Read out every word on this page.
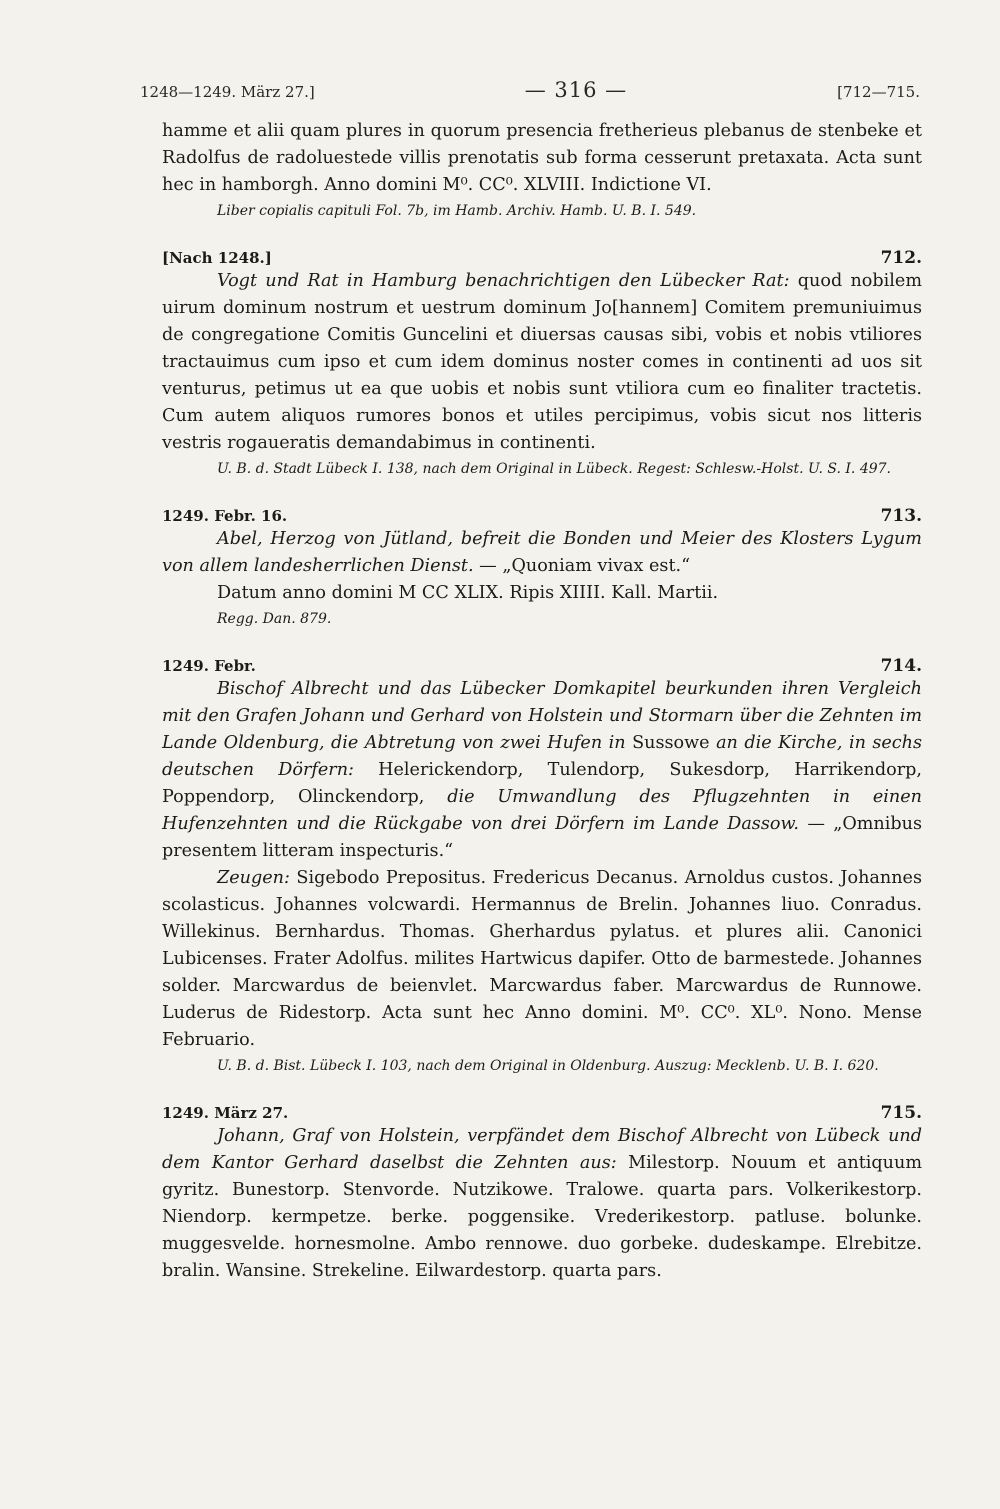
1248—1249. März 27.]	— 316 —	[712—715.

hamme et alii quam plures in quorum presencia fretherieus plebanus de stenbeke et Radolfus de radoluestede villis prenotatis sub forma cesserunt pretaxata. Acta sunt hec in hamborgh. Anno domini M⁰. CC⁰. XLVIII. Indictione VI.

Liber copialis capituli Fol. 7b, im Hamb. Archiv. Hamb. U. B. I. 549.

[Nach 1248.]	712.

Vogt und Rat in Hamburg benachrichtigen den Lübecker Rat: quod nobilem uirum dominum nostrum et uestrum dominum Jo[hannem] Comitem premuniuimus de congregatione Comitis Guncelini et diuersas causas sibi, vobis et nobis vtiliores tractauimus cum ipso et cum idem dominus noster comes in continenti ad uos sit venturus, petimus ut ea que uobis et nobis sunt vtiliora cum eo finaliter tractetis. Cum autem aliquos rumores bonos et utiles percipimus, vobis sicut nos litteris vestris rogaueratis demandabimus in continenti.

U. B. d. Stadt Lübeck I. 138, nach dem Original in Lübeck. Regest: Schlesw.-Holst. U. S. I. 497.

1249. Febr. 16.	713.

Abel, Herzog von Jütland, befreit die Bonden und Meier des Klosters Lygum von allem landesherrlichen Dienst. — „Quoniam vivax est.“

Datum anno domini M CC XLIX. Ripis XIIII. Kall. Martii.

Regg. Dan. 879.

1249. Febr.	714.

Bischof Albrecht und das Lübecker Domkapitel beurkunden ihren Vergleich mit den Grafen Johann und Gerhard von Holstein und Stormarn über die Zehnten im Lande Oldenburg, die Abtretung von zwei Hufen in Sussowe an die Kirche, in sechs deutschen Dörfern: Helerickendorp, Tulendorp, Sukesdorp, Harrikendorp, Poppendorp, Olinckendorp, die Umwandlung des Pflugzehnten in einen Hufenzehnten und die Rückgabe von drei Dörfern im Lande Dassow. — „Omnibus presentem litteram inspecturis.“

Zeugen: Sigebodo Prepositus. Fredericus Decanus. Arnoldus custos. Johannes scolasticus. Johannes volcwardi. Hermannus de Brelin. Johannes liuo. Conradus. Willekinus. Bernhardus. Thomas. Gherhardus pylatus. et plures alii. Canonici Lubicenses. Frater Adolfus. milites Hartwicus dapifer. Otto de barmestede. Johannes solder. Marcwardus de beienvlet. Marcwardus faber. Marcwardus de Runnowe. Luderus de Ridestorp. Acta sunt hec Anno domini. M⁰. CC⁰. XL⁰. Nono. Mense Februario.

U. B. d. Bist. Lübeck I. 103, nach dem Original in Oldenburg. Auszug: Mecklenb. U. B. I. 620.

1249. März 27.	715.

Johann, Graf von Holstein, verpfändet dem Bischof Albrecht von Lübeck und dem Kantor Gerhard daselbst die Zehnten aus: Milestorp. Nouum et antiquum gyritz. Bunestorp. Stenvorde. Nutzikowe. Tralowe. quarta pars. Volkerikestorp. Niendorp. kermpetze. berke. poggensike. Vrederikestorp. patluse. bolunke. muggesvelde. hornesmolne. Ambo rennowe. duo gorbeke. dudeskampe. Elrebitze. bralin. Wansine. Strekeline. Eilwardestorp. quarta pars.
